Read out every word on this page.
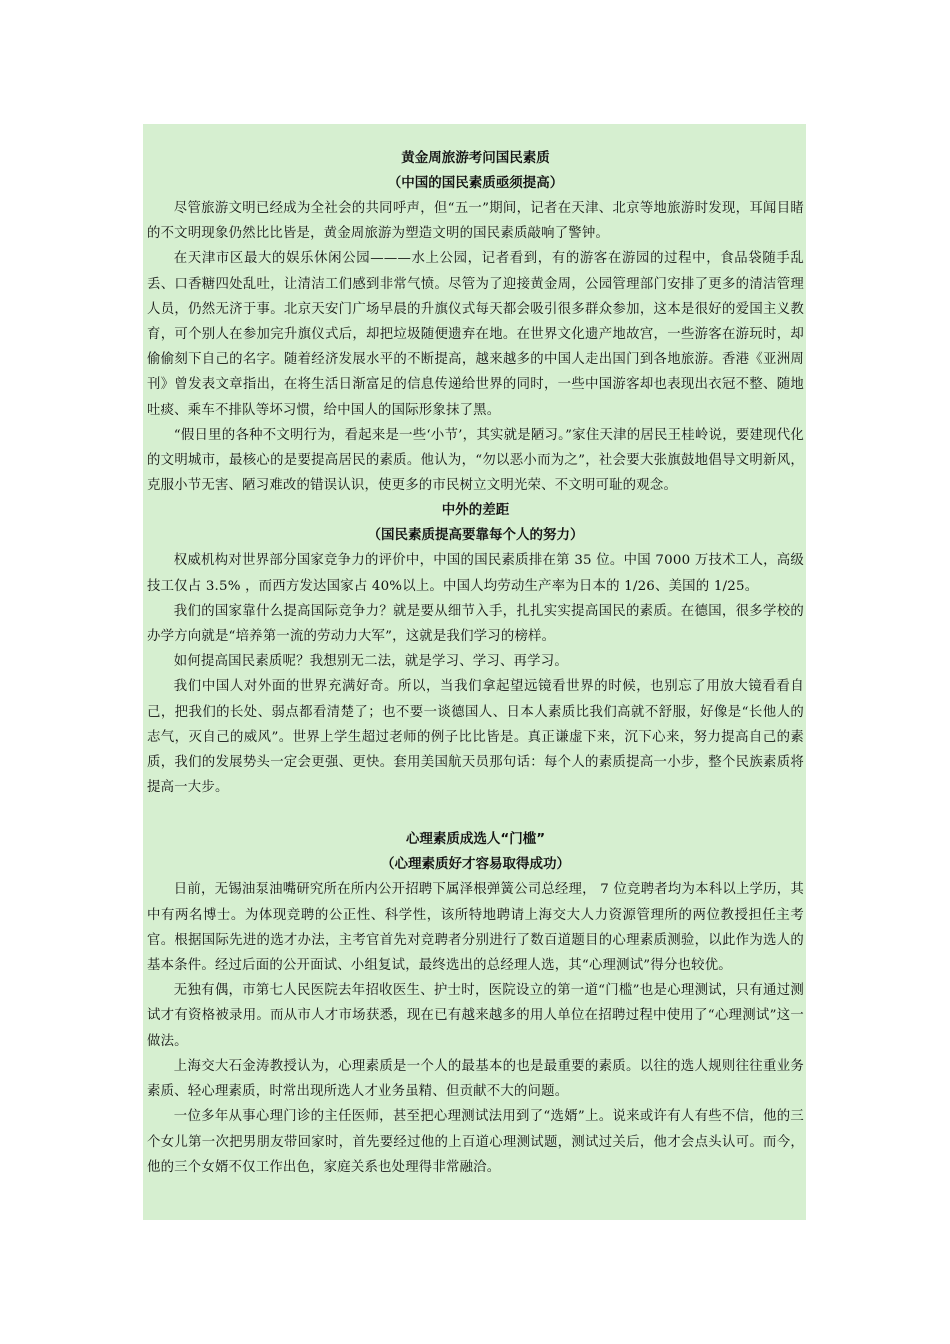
黄金周旅游考问国民素质
（中国的国民素质亟须提高）

尽管旅游文明已经成为全社会的共同呼声，但“五一”期间，记者在天津、北京等地旅游时发现，耳闻目睹的不文明现象仍然比比皆是，黄金周旅游为塑造文明的国民素质敲响了警钟。

在天津市区最大的娱乐休闲公园———水上公园，记者看到，有的游客在游园的过程中，食品袋随手乱丢、口香糖四处乱吐，让清洁工们感到非常气愤。尽管为了迎接黄金周，公园管理部门安排了更多的清洁管理人员，仍然无济于事。北京天安门广场早晨的升旗仪式每天都会吸引很多群众参加，这本是很好的爱国主义教育，可个别人在参加完升旗仪式后，却把垃圾随便遗弃在地。在世界文化遗产地故宫，一些游客在游玩时，却偷偷刻下自己的名字。随着经济发展水平的不断提高，越来越多的中国人走出国门到各地旅游。香港《亚洲周刊》曾发表文章指出，在将生活日渐富足的信息传递给世界的同时，一些中国游客却也表现出衣冠不整、随地吐痰、乘车不排队等坏习惯，给中国人的国际形象抹了黑。

“假日里的各种不文明行为，看起来是一些‘小节’，其实就是陋习。”家住天津的居民王桂岭说，要建现代化的文明城市，最核心的是要提高居民的素质。他认为，“勿以恶小而为之”，社会要大张旗鼓地倡导文明新风，克服小节无害、陋习难改的错误认识，使更多的市民树立文明光荣、不文明可耻的观念。

中外的差距
（国民素质提高要靠每个人的努力）

权威机构对世界部分国家竞争力的评价中，中国的国民素质排在第 35 位。中国 7000 万技术工人，高级技工仅占 3.5% ，而西方发达国家占 40%以上。中国人均劳动生产率为日本的 1/26、美国的 1/25。

我们的国家靠什么提高国际竞争力？就是要从细节入手，扎扎实实提高国民的素质。在德国，很多学校的办学方向就是“培养第一流的劳动力大军”，这就是我们学习的榜样。

如何提高国民素质呢？我想别无二法，就是学习、学习、再学习。

我们中国人对外面的世界充满好奇。所以，当我们拿起望远镜看世界的时候，也别忘了用放大镜看看自己，把我们的长处、弱点都看清楚了；也不要一谈德国人、日本人素质比我们高就不舒服，好像是“长他人的志气，灭自己的威风”。世界上学生超过老师的例子比比皆是。真正谦虚下来，沉下心来，努力提高自己的素质，我们的发展势头一定会更强、更快。套用美国航天员那句话：每个人的素质提高一小步，整个民族素质将提高一大步。

心理素质成选人“门槛”
（心理素质好才容易取得成功）

日前，无锡油泵油嘴研究所在所内公开招聘下属泽根弹簧公司总经理， 7 位竞聘者均为本科以上学历，其中有两名博士。为体现竞聘的公正性、科学性，该所特地聘请上海交大人力资源管理所的两位教授担任主考官。根据国际先进的选才办法，主考官首先对竞聘者分别进行了数百道题目的心理素质测验，以此作为选人的基本条件。经过后面的公开面试、小组复试，最终选出的总经理人选，其“心理测试”得分也较优。

无独有偶，市第七人民医院去年招收医生、护士时，医院设立的第一道“门槛”也是心理测试，只有通过测试才有资格被录用。而从市人才市场获悉，现在已有越来越多的用人单位在招聘过程中使用了“心理测试”这一做法。

上海交大石金涛教授认为，心理素质是一个人的最基本的也是最重要的素质。以往的选人规则往往重业务素质、轻心理素质，时常出现所选人才业务虽精、但贡献不大的问题。

一位多年从事心理门诊的主任医师，甚至把心理测试法用到了“选婿”上。说来或许有人有些不信，他的三个女儿第一次把男朋友带回家时，首先要经过他的上百道心理测试题，测试过关后，他才会点头认可。而今，他的三个女婿不仅工作出色，家庭关系也处理得非常融洽。
